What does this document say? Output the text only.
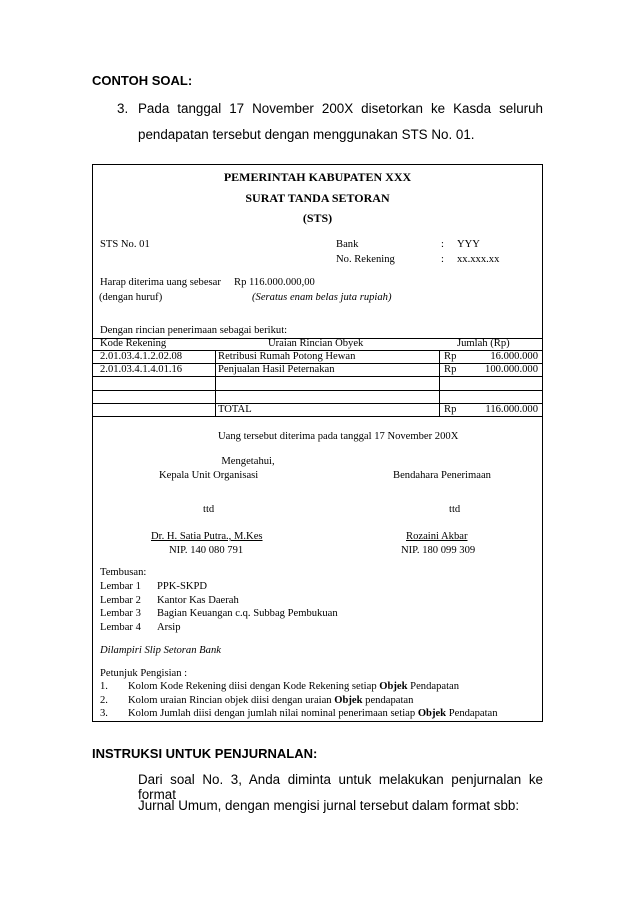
CONTOH SOAL:
3. Pada tanggal 17 November 200X disetorkan ke Kasda seluruh
pendapatan tersebut dengan menggunakan STS No. 01.
PEMERINTAH KABUPATEN XXX
SURAT TANDA SETORAN
(STS)
STS No. 01	Bank	: YYY
No. Rekening	: xx.xxx.xx
Harap diterima uang sebesar Rp 116.000.000,00
(dengan huruf)	(Seratus enam belas juta rupiah)
Dengan rincian penerimaan sebagai berikut:
Kode Rekening	Uraian Rincian Obyek	Jumlah (Rp)
2.01.03.4.1.2.02.08	Retribusi Rumah Potong Hewan	Rp	16.000.000
2.01.03.4.1.4.01.16	Penjualan Hasil Peternakan	Rp	100.000.000
TOTAL	Rp	116.000.000
Uang tersebut diterima pada tanggal 17 November 200X
Mengetahui,
Kepala Unit Organisasi	Bendahara Penerimaan
ttd	ttd
Dr. H. Satia Putra., M.Kes
NIP. 140 080 791
Rozaini Akbar
NIP. 180 099 309
Tembusan:
Lembar 1 PPK-SKPD
Lembar 2 Kantor Kas Daerah
Lembar 3 Bagian Keuangan c.q. Subbag Pembukuan
Lembar 4 Arsip
Dilampiri Slip Setoran Bank
Petunjuk Pengisian :
1. Kolom Kode Rekening diisi dengan Kode Rekening setiap Objek Pendapatan
2. Kolom uraian Rincian objek diisi dengan uraian Objek pendapatan
3. Kolom Jumlah diisi dengan jumlah nilai nominal penerimaan setiap Objek Pendapatan
INSTRUKSI UNTUK PENJURNALAN:
Dari soal No. 3, Anda diminta untuk melakukan penjurnalan ke format
Jurnal Umum, dengan mengisi jurnal tersebut dalam format sbb:
